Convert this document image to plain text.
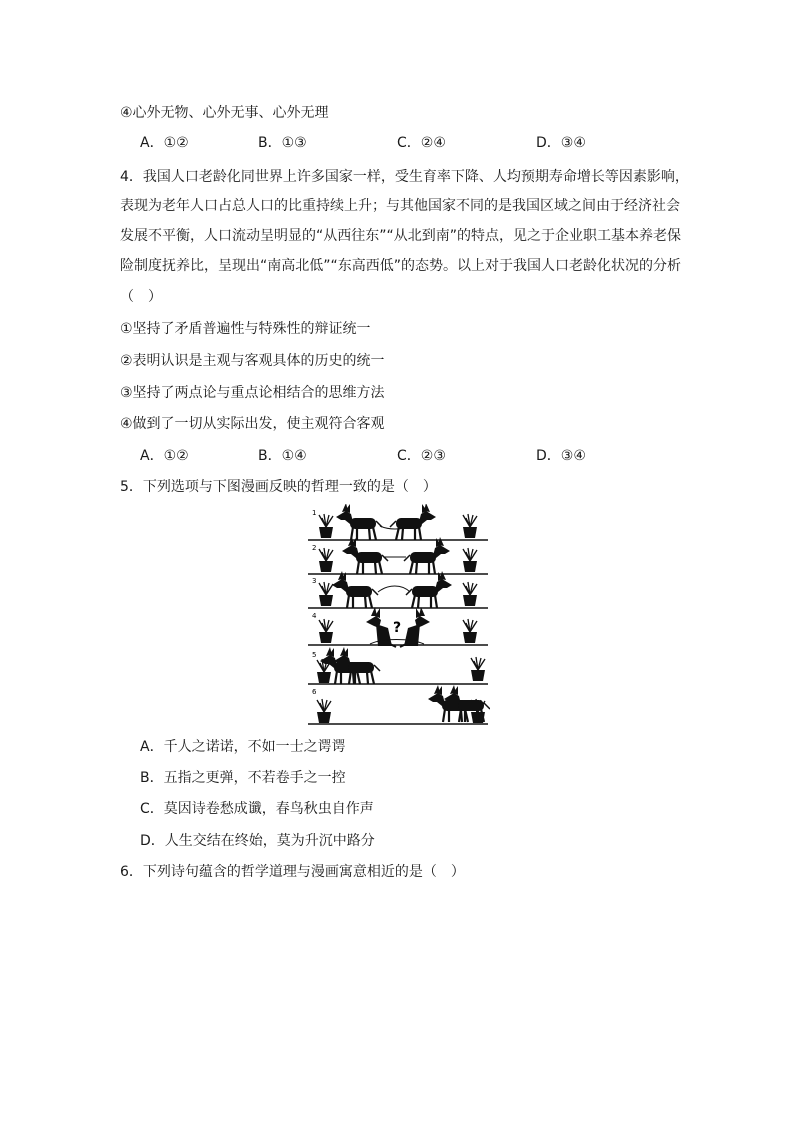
④心外无物、心外无事、心外无理
A．①②	B．①③	C．②④	D．③④
4．我国人口老龄化同世界上许多国家一样，受生育率下降、人均预期寿命增长等因素影响，
表现为老年人口占总人口的比重持续上升；与其他国家不同的是我国区域之间由于经济社会
发展不平衡，人口流动呈明显的“从西往东”“从北到南”的特点，见之于企业职工基本养老保
险制度抚养比，呈现出“南高北低”“东高西低”的态势。以上对于我国人口老龄化状况的分析
（　）
①坚持了矛盾普遍性与特殊性的辩证统一
②表明认识是主观与客观具体的历史的统一
③坚持了两点论与重点论相结合的思维方法
④做到了一切从实际出发，使主观符合客观
A．①②	B．①④	C．②③	D．③④
5．下列选项与下图漫画反映的哲理一致的是（　）
1
2
3
4
?
5
6
A．千人之诺诺，不如一士之谔谔
B．五指之更弹，不若卷手之一控
C．莫因诗卷愁成谶，春鸟秋虫自作声
D．人生交结在终始，莫为升沉中路分
6．下列诗句蕴含的哲学道理与漫画寓意相近的是（　）
